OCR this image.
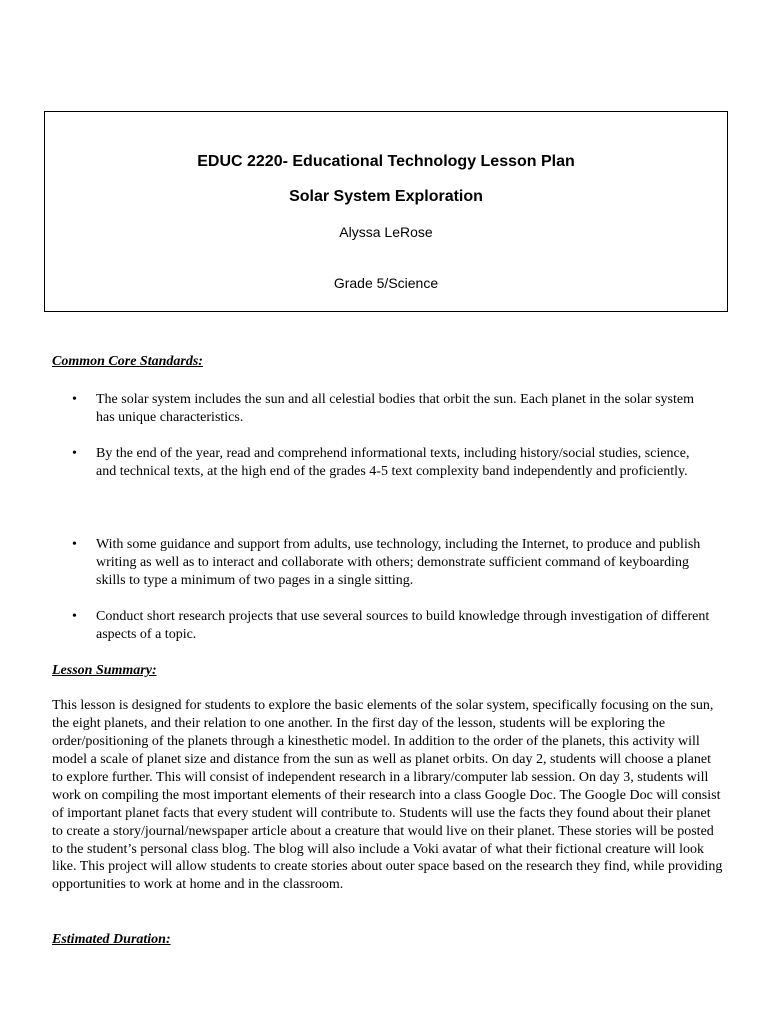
EDUC 2220- Educational Technology Lesson Plan
Solar System Exploration
Alyssa LeRose
Grade 5/Science
Common Core Standards:
• The solar system includes the sun and all celestial bodies that orbit the sun. Each planet in the solar system has unique characteristics.
• By the end of the year, read and comprehend informational texts, including history/social studies, science, and technical texts, at the high end of the grades 4-5 text complexity band independently and proficiently.
• With some guidance and support from adults, use technology, including the Internet, to produce and publish writing as well as to interact and collaborate with others; demonstrate sufficient command of keyboarding skills to type a minimum of two pages in a single sitting.
• Conduct short research projects that use several sources to build knowledge through investigation of different aspects of a topic.
Lesson Summary:

This lesson is designed for students to explore the basic elements of the solar system, specifically focusing on the sun, the eight planets, and their relation to one another. In the first day of the lesson, students will be exploring the order/positioning of the planets through a kinesthetic model. In addition to the order of the planets, this activity will model a scale of planet size and distance from the sun as well as planet orbits. On day 2, students will choose a planet to explore further. This will consist of independent research in a library/computer lab session. On day 3, students will work on compiling the most important elements of their research into a class Google Doc. The Google Doc will consist of important planet facts that every student will contribute to. Students will use the facts they found about their planet to create a story/journal/newspaper article about a creature that would live on their planet. These stories will be posted to the student’s personal class blog. The blog will also include a Voki avatar of what their fictional creature will look like. This project will allow students to create stories about outer space based on the research they find, while providing opportunities to work at home and in the classroom.

Estimated Duration:
